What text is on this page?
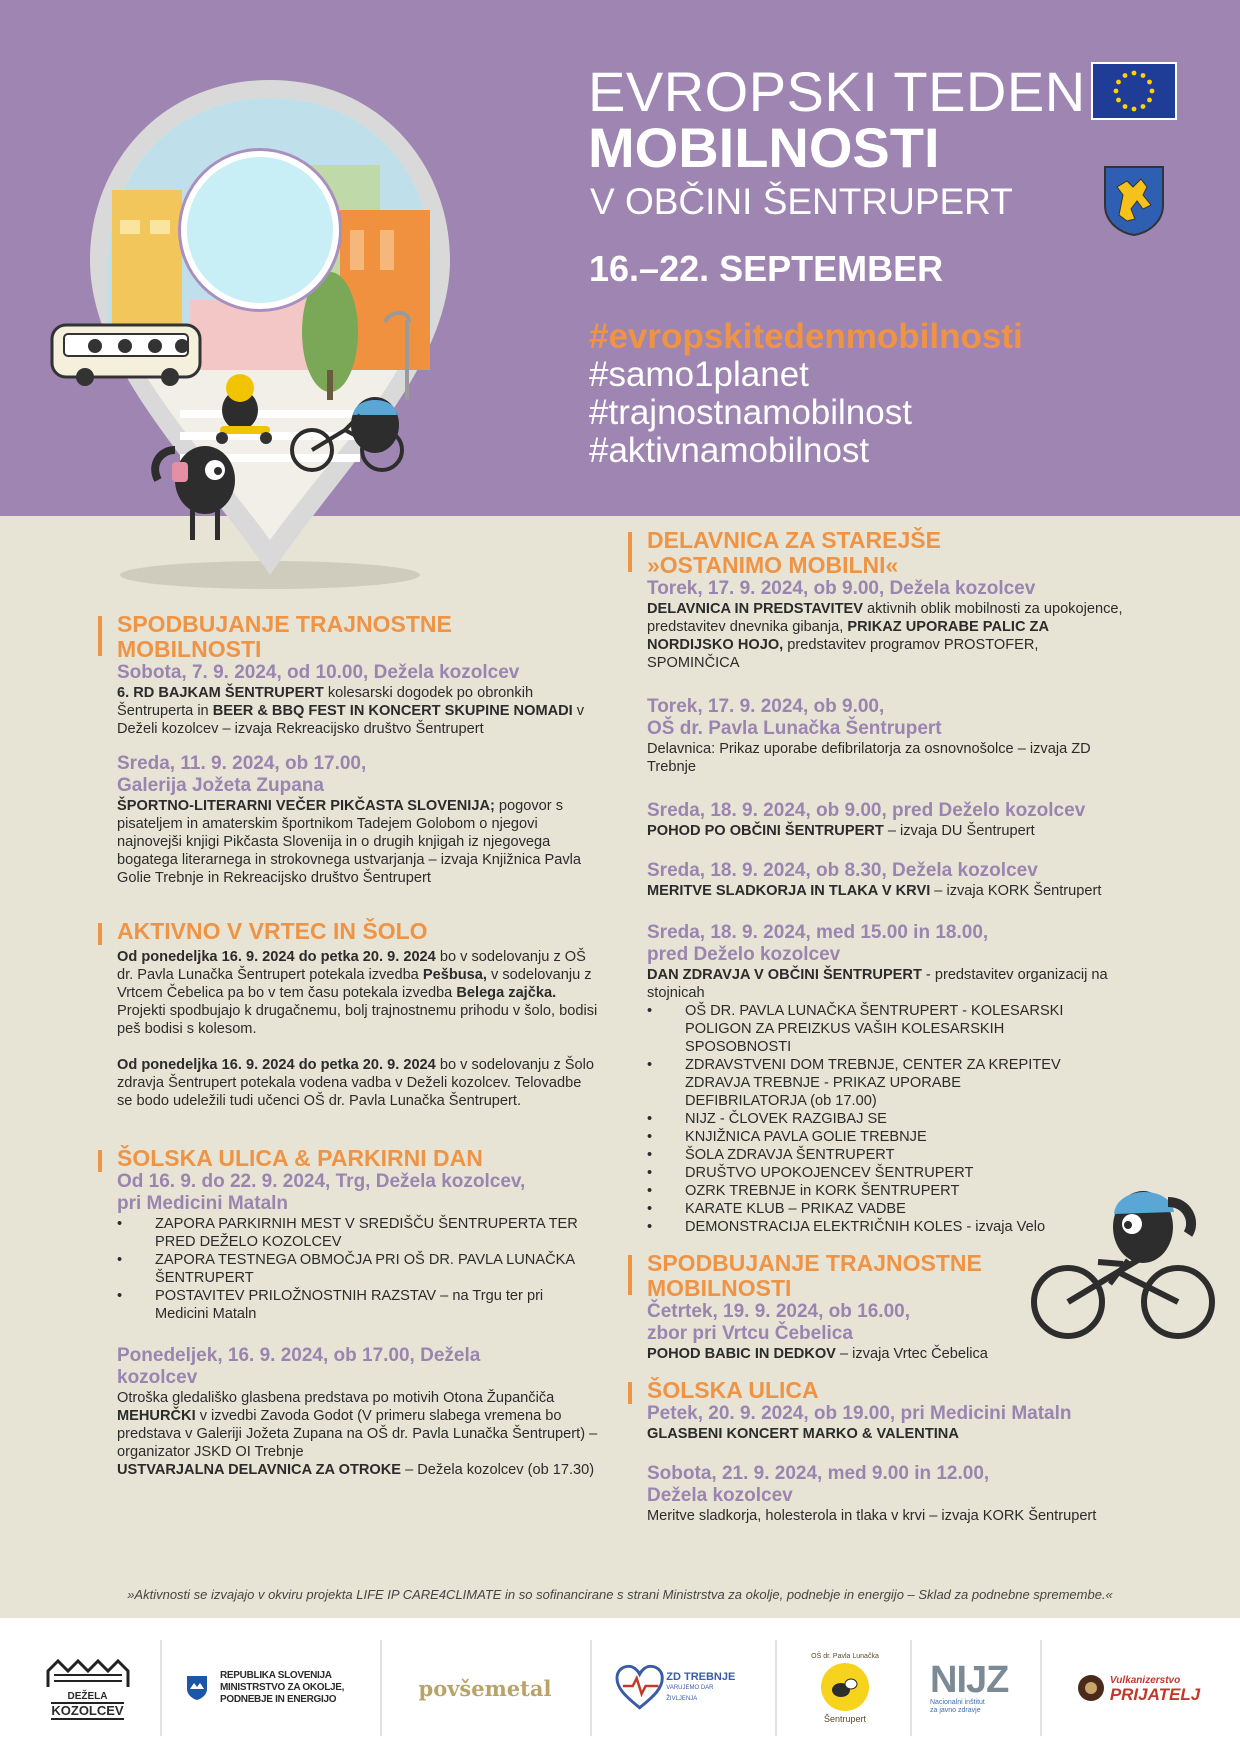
EVROPSKI TEDEN
MOBILNOSTI
V OBČINI ŠENTRUPERT
16.–22. SEPTEMBER
#evropskitedenmobilnosti
#samo1planet
#trajnostnamobilnost
#aktivnamobilnost
SPODBUJANJE TRAJNOSTNE
MOBILNOSTI
Sobota, 7. 9. 2024, od 10.00, Dežela kozolcev
6. RD BAJKAM ŠENTRUPERT kolesarski dogodek po obronkih Šentruperta in BEER & BBQ FEST IN KONCERT SKUPINE NOMADI v Deželi kozolcev – izvaja Rekreacijsko društvo Šentrupert
Sreda, 11. 9. 2024, ob 17.00,
Galerija Jožeta Zupana
ŠPORTNO-LITERARNI VEČER PIKČASTA SLOVENIJA; pogovor s pisateljem in amaterskim športnikom Tadejem Golobom o njegovi najnovejši knjigi Pikčasta Slovenija in o drugih knjigah iz njegovega bogatega literarnega in strokovnega ustvarjanja – izvaja Knjižnica Pavla Golie Trebnje in Rekreacijsko društvo Šentrupert
AKTIVNO V VRTEC IN ŠOLO
Od ponedeljka 16. 9. 2024 do petka 20. 9. 2024 bo v sodelovanju z OŠ dr. Pavla Lunačka Šentrupert potekala izvedba Pešbusa, v sodelovanju z Vrtcem Čebelica pa bo v tem času potekala izvedba Belega zajčka. Projekti spodbujajo k drugačnemu, bolj trajnostnemu prihodu v šolo, bodisi peš bodisi s kolesom.
Od ponedeljka 16. 9. 2024 do petka 20. 9. 2024 bo v sodelovanju z Šolo zdravja Šentrupert potekala vodena vadba v Deželi kozolcev. Telovadbe se bodo udeležili tudi učenci OŠ dr. Pavla Lunačka Šentrupert.
ŠOLSKA ULICA & PARKIRNI DAN
Od 16. 9. do 22. 9. 2024, Trg, Dežela kozolcev,
pri Medicini Mataln
• ZAPORA PARKIRNIH MEST V SREDIŠČU ŠENTRUPERTA TER PRED DEŽELO KOZOLCEV
• ZAPORA TESTNEGA OBMOČJA PRI OŠ DR. PAVLA LUNAČKA ŠENTRUPERT
• POSTAVITEV PRILOŽNOSTNIH RAZSTAV – na Trgu ter pri Medicini Mataln
Ponedeljek, 16. 9. 2024, ob 17.00, Dežela
kozolcev
Otroška gledališko glasbena predstava po motivih Otona Župančiča MEHURČKI v izvedbi Zavoda Godot (V primeru slabega vremena bo predstava v Galeriji Jožeta Zupana na OŠ dr. Pavla Lunačka Šentrupert) – organizator JSKD OI Trebnje
USTVARJALNA DELAVNICA ZA OTROKE – Dežela kozolcev (ob 17.30)
DELAVNICA ZA STAREJŠE
»OSTANIMO MOBILNI«
Torek, 17. 9. 2024, ob 9.00, Dežela kozolcev
DELAVNICA IN PREDSTAVITEV aktivnih oblik mobilnosti za upokojence, predstavitev dnevnika gibanja, PRIKAZ UPORABE PALIC ZA NORDIJSKO HOJO, predstavitev programov PROSTOFER, SPOMINČICA
Torek, 17. 9. 2024, ob 9.00,
OŠ dr. Pavla Lunačka Šentrupert
Delavnica: Prikaz uporabe defibrilatorja za osnovnošolce – izvaja ZD Trebnje
Sreda, 18. 9. 2024, ob 9.00, pred Deželo kozolcev
POHOD PO OBČINI ŠENTRUPERT – izvaja DU Šentrupert
Sreda, 18. 9. 2024, ob 8.30, Dežela kozolcev
MERITVE SLADKORJA IN TLAKA V KRVI – izvaja KORK Šentrupert
Sreda, 18. 9. 2024, med 15.00 in 18.00,
pred Deželo kozolcev
DAN ZDRAVJA V OBČINI ŠENTRUPERT - predstavitev organizacij na stojnicah
• OŠ DR. PAVLA LUNAČKA ŠENTRUPERT - KOLESARSKI POLIGON ZA PREIZKUS VAŠIH KOLESARSKIH SPOSOBNOSTI
• ZDRAVSTVENI DOM TREBNJE, CENTER ZA KREPITEV ZDRAVJA TREBNJE - PRIKAZ UPORABE DEFIBRILATORJA (ob 17.00)
• NIJZ - ČLOVEK RAZGIBAJ SE
• KNJIŽNICA PAVLA GOLIE TREBNJE
• ŠOLA ZDRAVJA ŠENTRUPERT
• DRUŠTVO UPOKOJENCEV ŠENTRUPERT
• OZRK TREBNJE in KORK ŠENTRUPERT
• KARATE KLUB – PRIKAZ VADBE
• DEMONSTRACIJA ELEKTRIČNIH KOLES - izvaja Velo
SPODBUJANJE TRAJNOSTNE
MOBILNOSTI
Četrtek, 19. 9. 2024, ob 16.00,
zbor pri Vrtcu Čebelica
POHOD BABIC IN DEDKOV – izvaja Vrtec Čebelica
ŠOLSKA ULICA
Petek, 20. 9. 2024, ob 19.00, pri Medicini Mataln
GLASBENI KONCERT MARKO & VALENTINA
Sobota, 21. 9. 2024, med 9.00 in 12.00,
Dežela kozolcev
Meritve sladkorja, holesterola in tlaka v krvi – izvaja KORK Šentrupert
»Aktivnosti se izvajajo v okviru projekta LIFE IP CARE4CLIMATE in so sofinancirane s strani Ministrstva za okolje, podnebje in energijo – Sklad za podnebne spremembe.«
DEŽELA
KOZOLCEV
REPUBLIKA SLOVENIJA
MINISTRSTVO ZA OKOLJE,
PODNEBJE IN ENERGIJO	povšemetal	ZD TREBNJE
VARUJEMO DAR ŽIVLJENJA
OŠ dr. Pavla Lunačka
Šentrupert
NIJZ
Nacionalni inštitut
za javno zdravje
Vulkanizerstvo
PRIJATELJ
